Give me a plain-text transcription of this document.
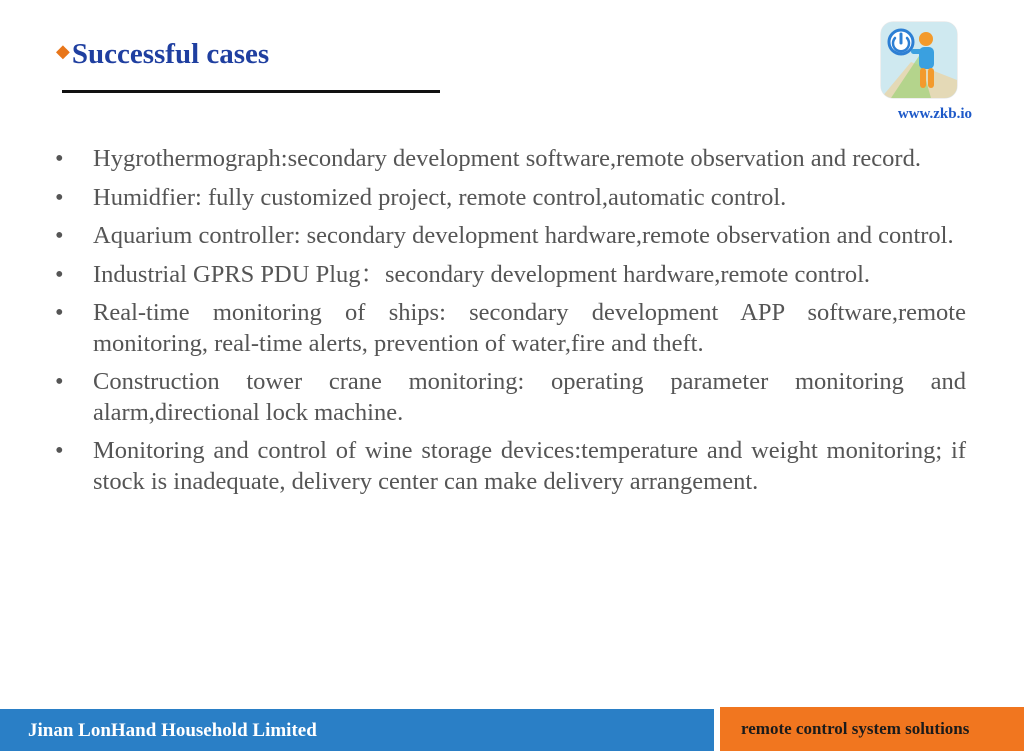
◆ Successful cases
www.zkb.io
•	Hygrothermograph:secondary development software,remote observation and record.
•	Humidfier: fully customized project, remote control,automatic control.
•	Aquarium controller: secondary development hardware,remote observation and control.
•	Industrial GPRS PDU Plug：secondary development hardware,remote control.
•	Real-time monitoring of ships: secondary development APP software,remote monitoring, real-time alerts, prevention of water,fire and theft.
•	Construction tower crane monitoring: operating parameter monitoring and alarm,directional lock machine.
•	Monitoring and control of wine storage devices:temperature and weight monitoring; if stock is inadequate, delivery center can make delivery arrangement.
Jinan LonHand Household Limited	remote control system solutions
